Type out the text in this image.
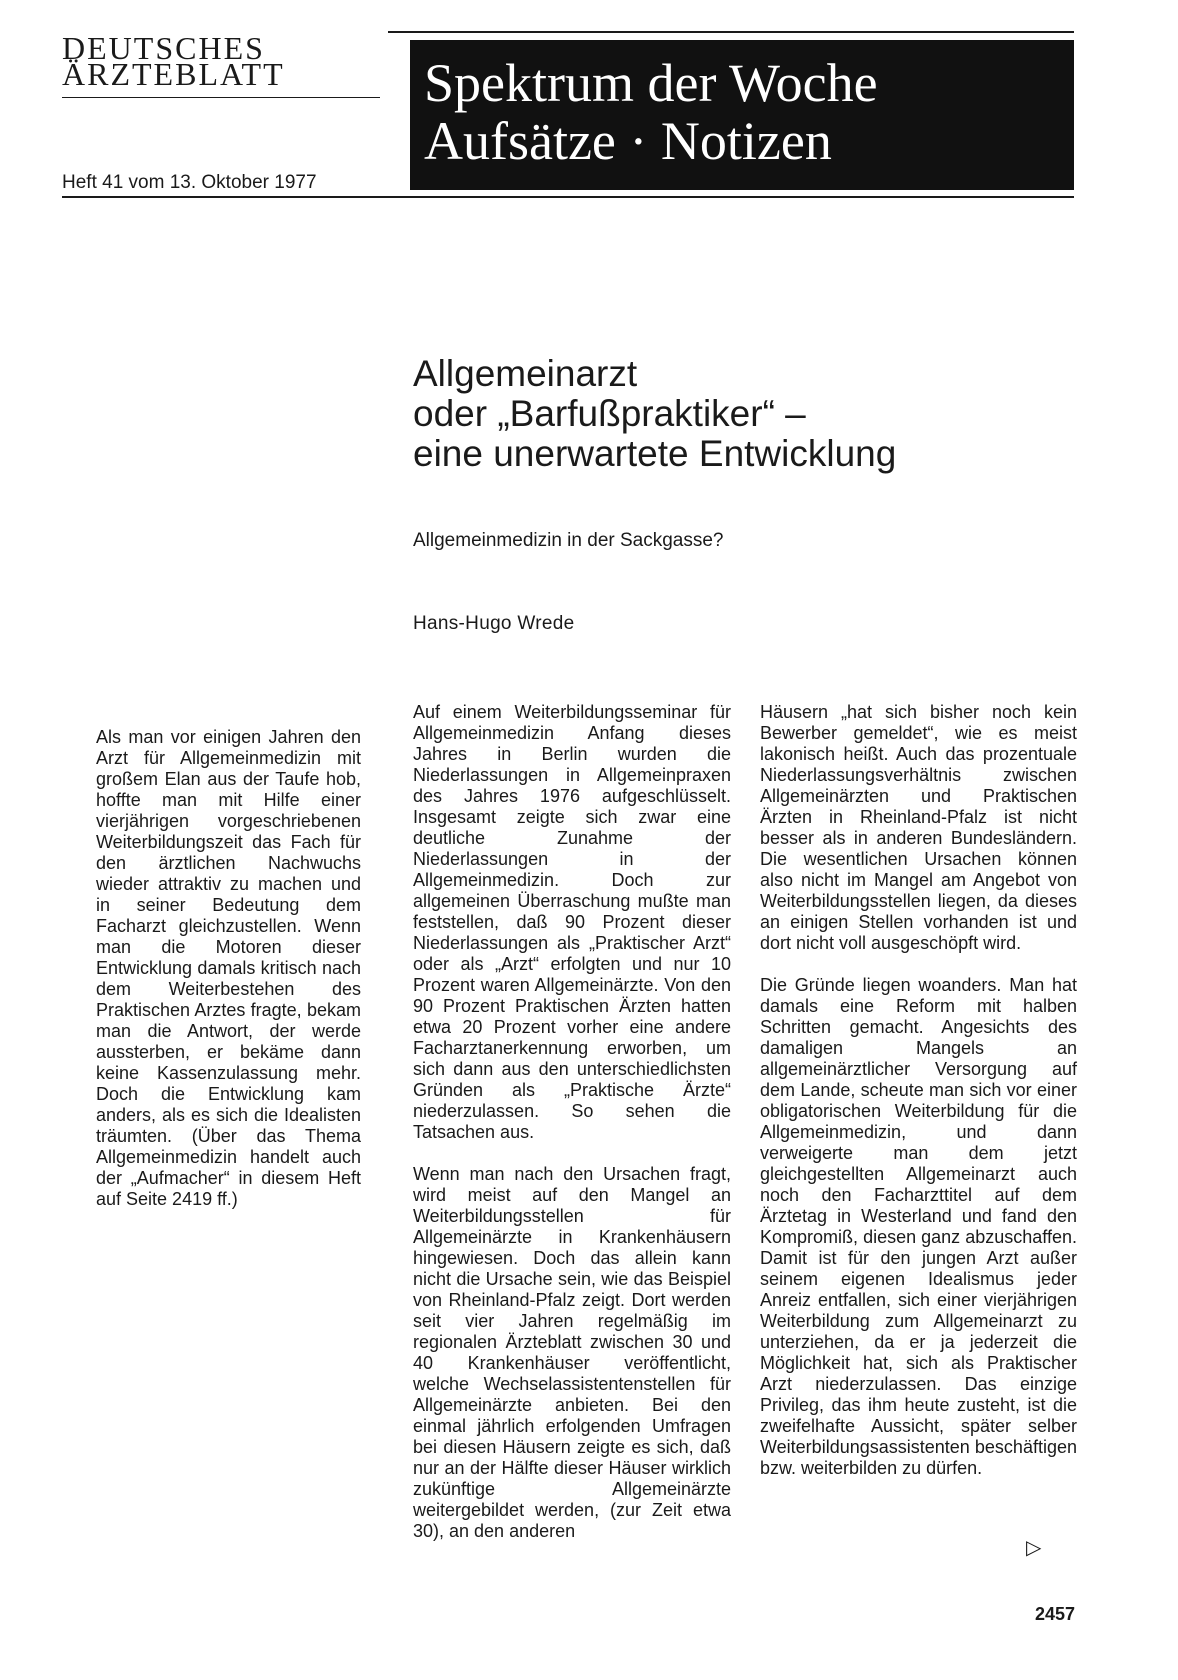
DEUTSCHES
ÄRZTEBLATT
Heft 41 vom 13. Oktober 1977
Spektrum der Woche
Aufsätze · Notizen
Allgemeinarzt
oder „Barfußpraktiker“ –
eine unerwartete Entwicklung
Allgemeinmedizin in der Sackgasse?
Hans-Hugo Wrede

Als man vor einigen Jahren den Arzt für Allgemeinmedizin mit großem Elan aus der Taufe hob, hoffte man mit Hilfe einer vierjährigen vorgeschriebenen Weiterbildungszeit das Fach für den ärztlichen Nachwuchs wieder attraktiv zu machen und in seiner Bedeutung dem Facharzt gleichzustellen. Wenn man die Motoren dieser Entwicklung damals kritisch nach dem Weiterbestehen des Praktischen Arztes fragte, bekam man die Antwort, der werde aussterben, er bekäme dann keine Kassenzulassung mehr. Doch die Entwicklung kam anders, als es sich die Idealisten träumten. (Über das Thema Allgemeinmedizin handelt auch der „Aufmacher“ in diesem Heft auf Seite 2419 ff.)

Auf einem Weiterbildungsseminar für Allgemeinmedizin Anfang dieses Jahres in Berlin wurden die Niederlassungen in Allgemeinpraxen des Jahres 1976 aufgeschlüsselt. Insgesamt zeigte sich zwar eine deutliche Zunahme der Niederlassungen in der Allgemeinmedizin. Doch zur allgemeinen Überraschung mußte man feststellen, daß 90 Prozent dieser Niederlassungen als „Praktischer Arzt“ oder als „Arzt“ erfolgten und nur 10 Prozent waren Allgemeinärzte. Von den 90 Prozent Praktischen Ärzten hatten etwa 20 Prozent vorher eine andere Facharztanerkennung erworben, um sich dann aus den unterschiedlichsten Gründen als „Praktische Ärzte“ niederzulassen. So sehen die Tatsachen aus.

Wenn man nach den Ursachen fragt, wird meist auf den Mangel an Weiterbildungsstellen für Allgemeinärzte in Krankenhäusern hingewiesen. Doch das allein kann nicht die Ursache sein, wie das Beispiel von Rheinland-Pfalz zeigt. Dort werden seit vier Jahren regelmäßig im regionalen Ärzteblatt zwischen 30 und 40 Krankenhäuser veröffentlicht, welche Wechselassistentenstellen für Allgemeinärzte anbieten. Bei den einmal jährlich erfolgenden Umfragen bei diesen Häusern zeigte es sich, daß nur an der Hälfte dieser Häuser wirklich zukünftige Allgemeinärzte weitergebildet werden, (zur Zeit etwa 30), an den anderen

Häusern „hat sich bisher noch kein Bewerber gemeldet“, wie es meist lakonisch heißt. Auch das prozentuale Niederlassungsverhältnis zwischen Allgemeinärzten und Praktischen Ärzten in Rheinland-Pfalz ist nicht besser als in anderen Bundesländern. Die wesentlichen Ursachen können also nicht im Mangel am Angebot von Weiterbildungsstellen liegen, da dieses an einigen Stellen vorhanden ist und dort nicht voll ausgeschöpft wird.

Die Gründe liegen woanders. Man hat damals eine Reform mit halben Schritten gemacht. Angesichts des damaligen Mangels an allgemeinärztlicher Versorgung auf dem Lande, scheute man sich vor einer obligatorischen Weiterbildung für die Allgemeinmedizin, und dann verweigerte man dem jetzt gleichgestellten Allgemeinarzt auch noch den Facharzttitel auf dem Ärztetag in Westerland und fand den Kompromiß, diesen ganz abzuschaffen. Damit ist für den jungen Arzt außer seinem eigenen Idealismus jeder Anreiz entfallen, sich einer vierjährigen Weiterbildung zum Allgemeinarzt zu unterziehen, da er ja jederzeit die Möglichkeit hat, sich als Praktischer Arzt niederzulassen. Das einzige Privileg, das ihm heute zusteht, ist die zweifelhafte Aussicht, später selber Weiterbildungsassistenten beschäftigen bzw. weiterbilden zu dürfen.

▷
2457
